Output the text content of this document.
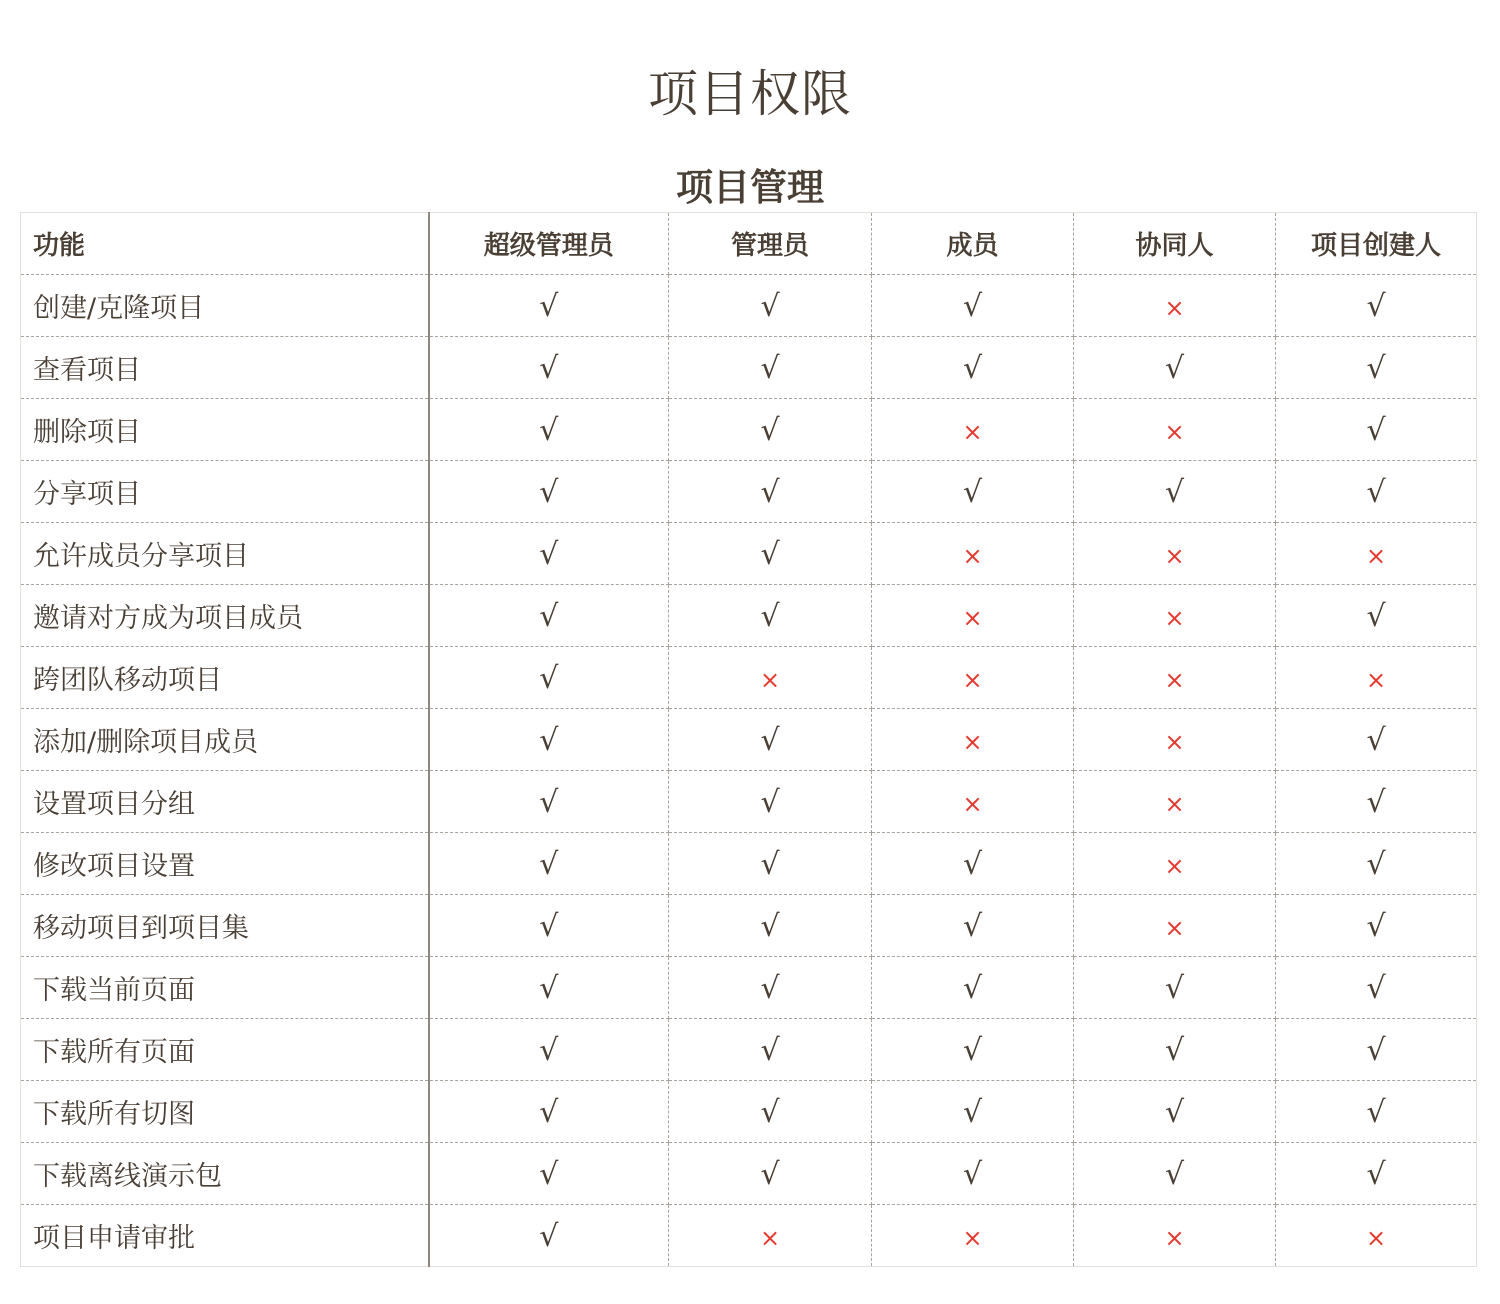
项目权限
项目管理
功能	超级管理员	管理员	成员	协同人	项目创建人
创建/克隆项目	√	√	√	×	√
查看项目	√	√	√	√	√
删除项目	√	√	×	×	√
分享项目	√	√	√	√	√
允许成员分享项目	√	√	×	×	×
邀请对方成为项目成员	√	√	×	×	√
跨团队移动项目	√	×	×	×	×
添加/删除项目成员	√	√	×	×	√
设置项目分组	√	√	×	×	√
修改项目设置	√	√	√	×	√
移动项目到项目集	√	√	√	×	√
下载当前页面	√	√	√	√	√
下载所有页面	√	√	√	√	√
下载所有切图	√	√	√	√	√
下载离线演示包	√	√	√	√	√
项目申请审批	√	×	×	×	×
